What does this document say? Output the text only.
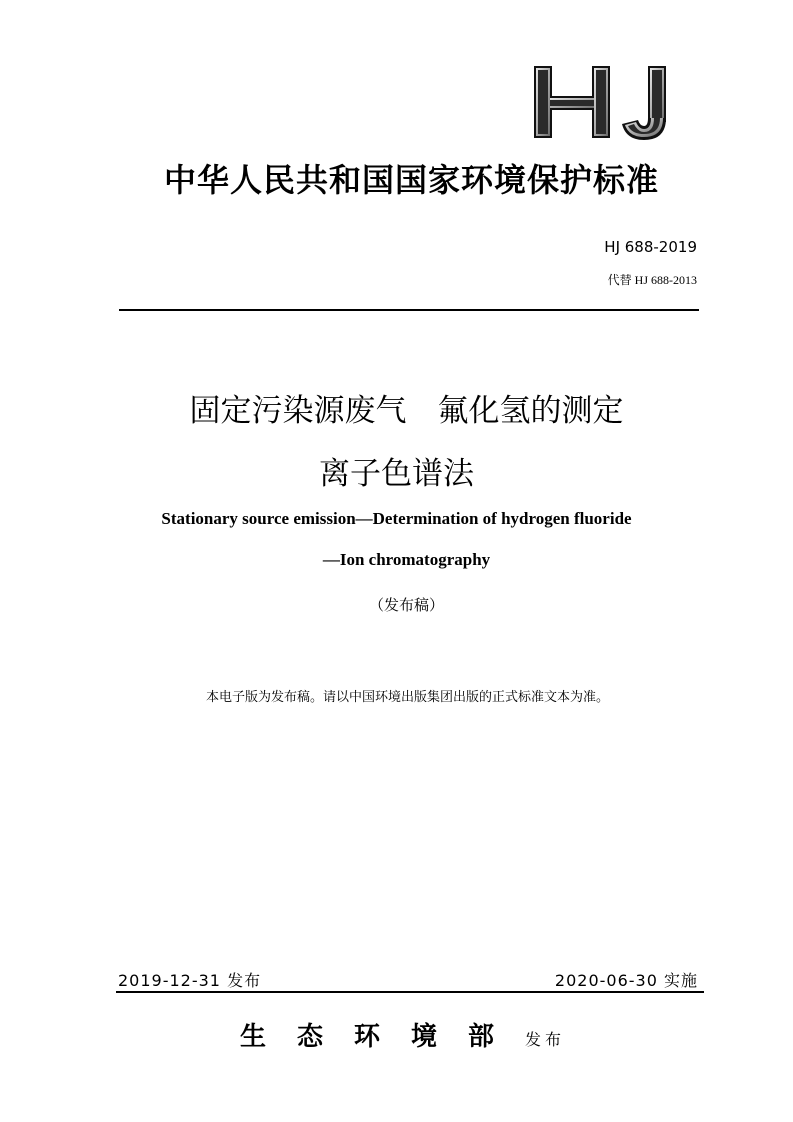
中华人民共和国国家环境保护标准
HJ 688-2019
代替 HJ 688-2013
固定污染源废气　氟化氢的测定
离子色谱法
Stationary source emission—Determination of hydrogen fluoride
—Ion chromatography
（发布稿）
本电子版为发布稿。请以中国环境出版集团出版的正式标准文本为准。
2019-12-31 发布	2020-06-30 实施
生态环境部发布
